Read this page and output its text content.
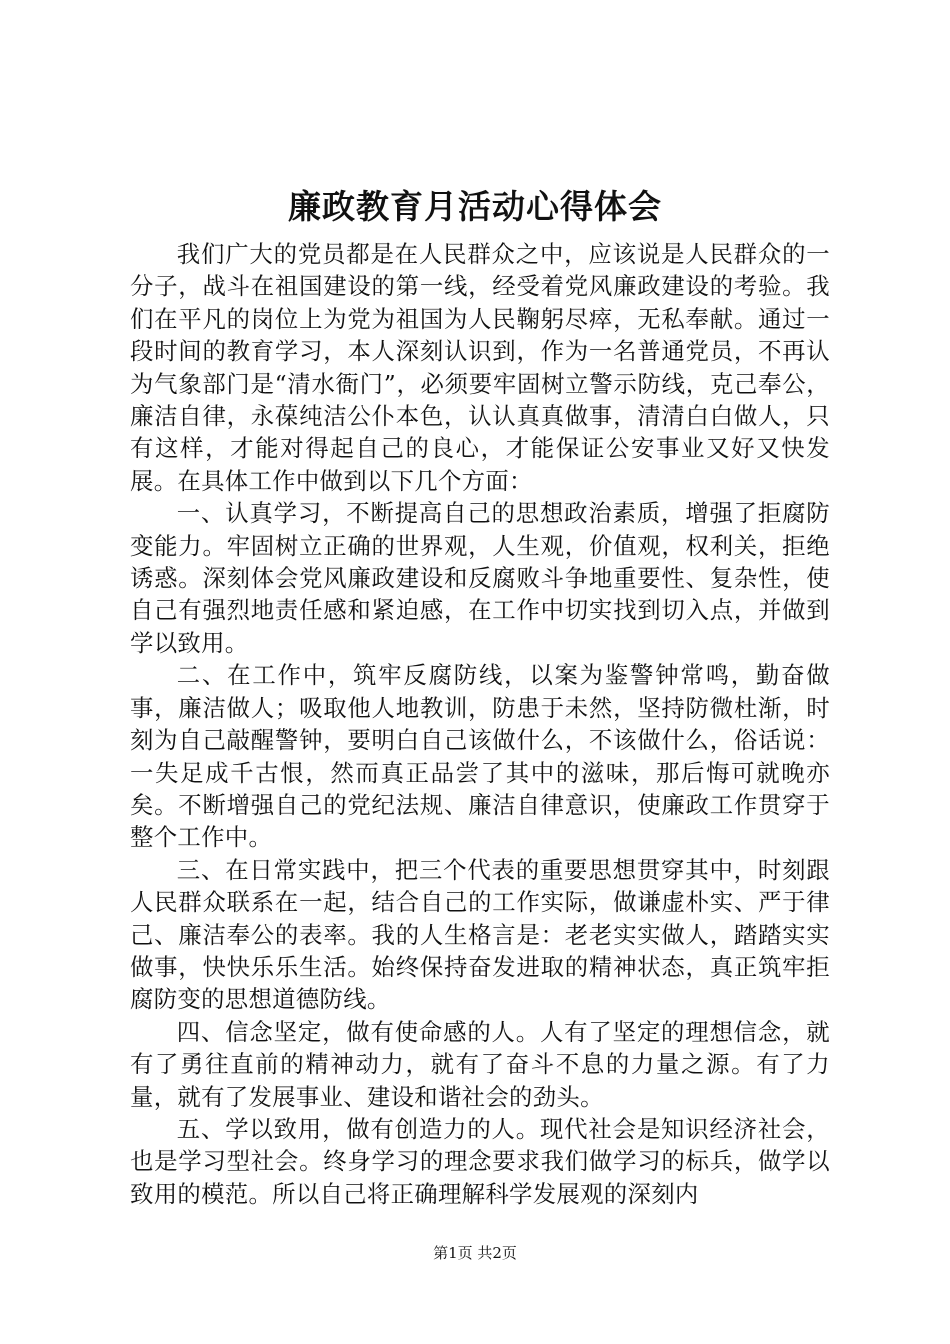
廉政教育月活动心得体会

我们广大的党员都是在人民群众之中，应该说是人民群众的一分子，战斗在祖国建设的第一线，经受着党风廉政建设的考验。我们在平凡的岗位上为党为祖国为人民鞠躬尽瘁，无私奉献。通过一段时间的教育学习，本人深刻认识到，作为一名普通党员，不再认为气象部门是“清水衙门”，必须要牢固树立警示防线，克己奉公，廉洁自律，永葆纯洁公仆本色，认认真真做事，清清白白做人，只有这样，才能对得起自己的良心，才能保证公安事业又好又快发展。在具体工作中做到以下几个方面：

一、认真学习，不断提高自己的思想政治素质，增强了拒腐防变能力。牢固树立正确的世界观，人生观，价值观，权利关，拒绝诱惑。深刻体会党风廉政建设和反腐败斗争地重要性、复杂性，使自己有强烈地责任感和紧迫感，在工作中切实找到切入点，并做到学以致用。

二、在工作中，筑牢反腐防线，以案为鉴警钟常鸣，勤奋做事，廉洁做人；吸取他人地教训，防患于未然，坚持防微杜渐，时刻为自己敲醒警钟，要明白自己该做什么，不该做什么，俗话说：一失足成千古恨，然而真正品尝了其中的滋味，那后悔可就晚亦矣。不断增强自己的党纪法规、廉洁自律意识，使廉政工作贯穿于整个工作中。

三、在日常实践中，把三个代表的重要思想贯穿其中，时刻跟人民群众联系在一起，结合自己的工作实际，做谦虚朴实、严于律己、廉洁奉公的表率。我的人生格言是：老老实实做人，踏踏实实做事，快快乐乐生活。始终保持奋发进取的精神状态，真正筑牢拒腐防变的思想道德防线。

四、信念坚定，做有使命感的人。人有了坚定的理想信念，就有了勇往直前的精神动力，就有了奋斗不息的力量之源。有了力量，就有了发展事业、建设和谐社会的劲头。

五、学以致用，做有创造力的人。现代社会是知识经济社会，也是学习型社会。终身学习的理念要求我们做学习的标兵，做学以致用的模范。所以自己将正确理解科学发展观的深刻内

第1页 共2页
